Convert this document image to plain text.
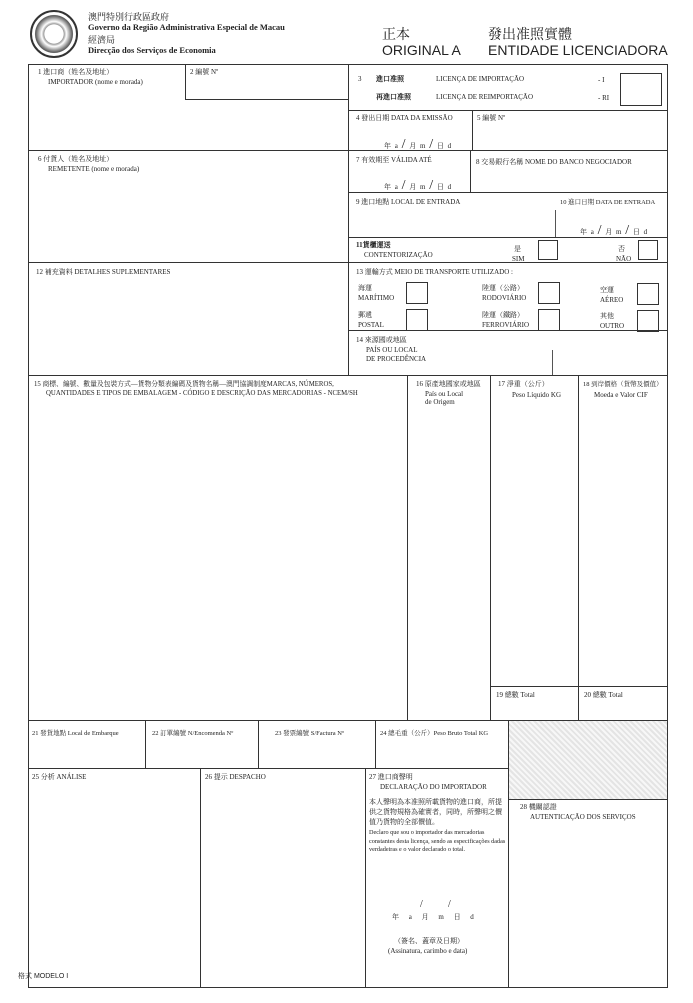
澳門特別行政區政府
Governo da Região Administrativa Especial de Macau
經濟局
Direcção dos Serviços de Economia
正本
ORIGINAL A
發出准照實體
ENTIDADE LICENCIADORA
1 進口商（姓名及地址）
IMPORTADOR (nome e morada)
2 編號 Nº
3 進口准照	LICENÇA DE IMPORTAÇÃO	- I
再進口准照	LICENÇA DE REIMPORTAÇÃO	- RI
4 發出日期 DATA DA EMISSÃO
年 a / 月 m / 日 d
5 編號 Nº
6 付貨人（姓名及地址）
REMETENTE (nome e morada)
7 有效期至 VÁLIDA ATÉ
年 a / 月 m / 日 d
8 交易銀行名稱 NOME DO BANCO NEGOCIADOR
9 進口地點 LOCAL DE ENTRADA	10 進口日期 DATA DE ENTRADA
年 a / 月 m / 日 d
11貨櫃運送
CONTENTORIZAÇÃO
是
SIM
否
NÃO
12 補充資料 DETALHES SUPLEMENTARES	13 運輸方式 MEIO DE TRANSPORTE UTILIZADO :
海運
MARÍTIMO
陸運（公路）
RODOVIÁRIO
空運
AÉREO
郵遞
POSTAL
陸運（鐵路）
FERROVIÁRIO
其他
OUTRO
14 來源國或地區
PAÍS OU LOCAL
DE PROCEDÊNCIA
15 商標、編號、數量及包裝方式—貨物分類表編碼及貨物名稱—澳門協調制度MARCAS, NÚMEROS,
QUANTIDADES E TIPOS DE EMBALAGEM - CÓDIGO E DESCRIÇÃO DAS MERCADORIAS - NCEM/SH
16 原產地國家或地區
País ou Local
de Origem
17 淨重（公斤）
Peso Líquido KG
18 到岸價格（貨幣及價值）
Moeda e Valor CIF
19 總數 Total	20 總數 Total
21 發貨地點 Local de Embarque	22 訂單編號 N/Encomenda Nº	23 發票編號 S/Factura Nº	24 總毛重（公斤）Peso Bruto Total KG
25 分析 ANÁLISE	26 提示 DESPACHO	27 進口商聲明
DECLARAÇÃO DO IMPORTADOR
本人聲明為本准照所載貨物的進口商，所提供之貨物規格為確實者，同時，所聲明之價值乃貨物的全部價值。
Declaro que sou o importador das mercadorias constantes desta licença, sendo as especificações dadas verdadeiras e o valor declarado o total.
年 a 月 m 日 d
/	/
（簽名、蓋章及日期）
(Assinatura, carimbo e data)
28 機關認證
AUTENTICAÇÃO DOS SERVIÇOS
格式 MODELO I
